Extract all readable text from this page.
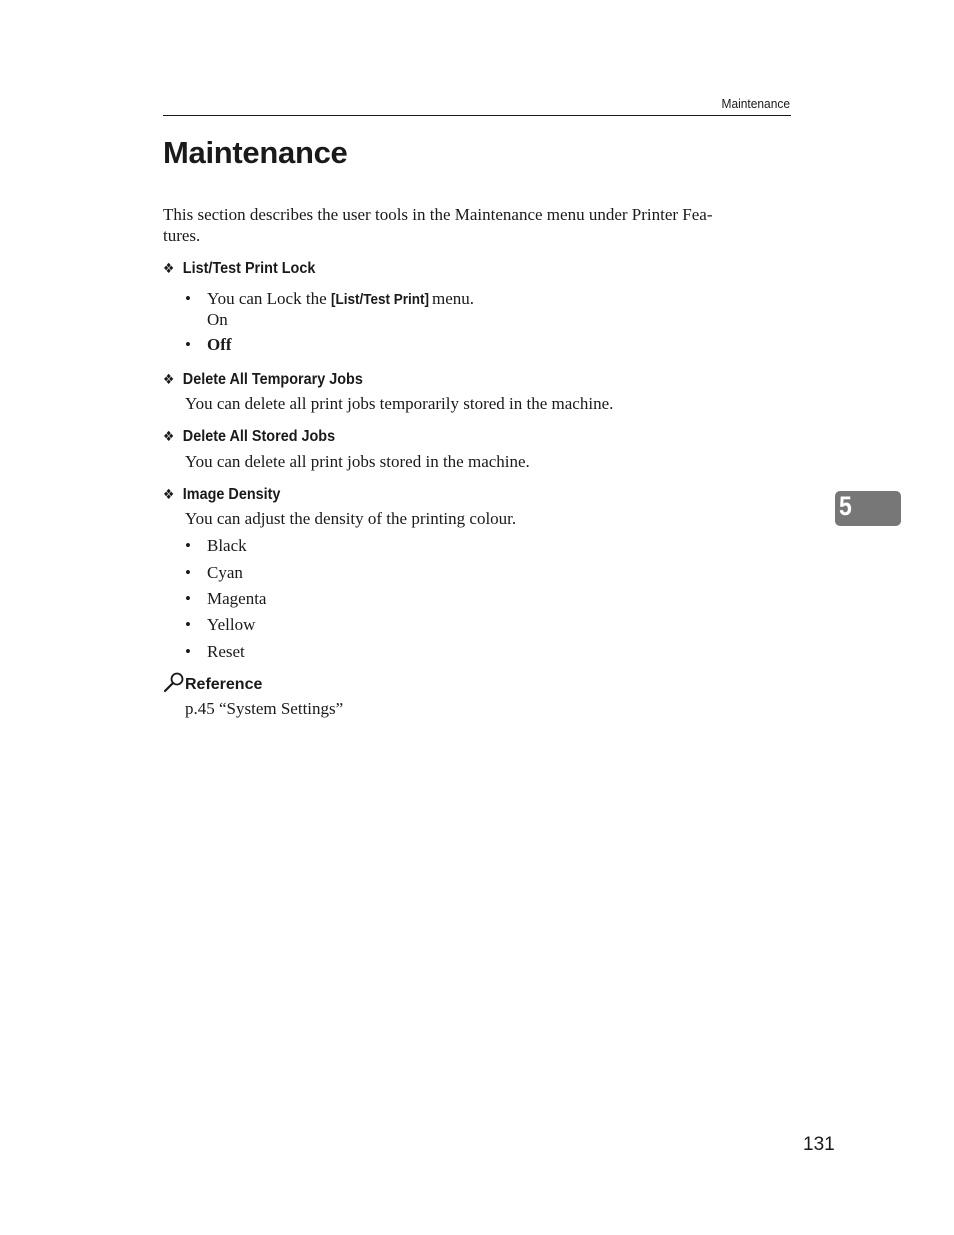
Maintenance
Maintenance
This section describes the user tools in the Maintenance menu under Printer Fea-
tures.
❖ List/Test Print Lock
• You can Lock the [List/Test Print] menu.
On
• Off
❖ Delete All Temporary Jobs
You can delete all print jobs temporarily stored in the machine.
❖ Delete All Stored Jobs
You can delete all print jobs stored in the machine.
❖ Image Density
You can adjust the density of the printing colour.
• Black
• Cyan
• Magenta
• Yellow
• Reset
Reference
p.45 “System Settings”
5
131
